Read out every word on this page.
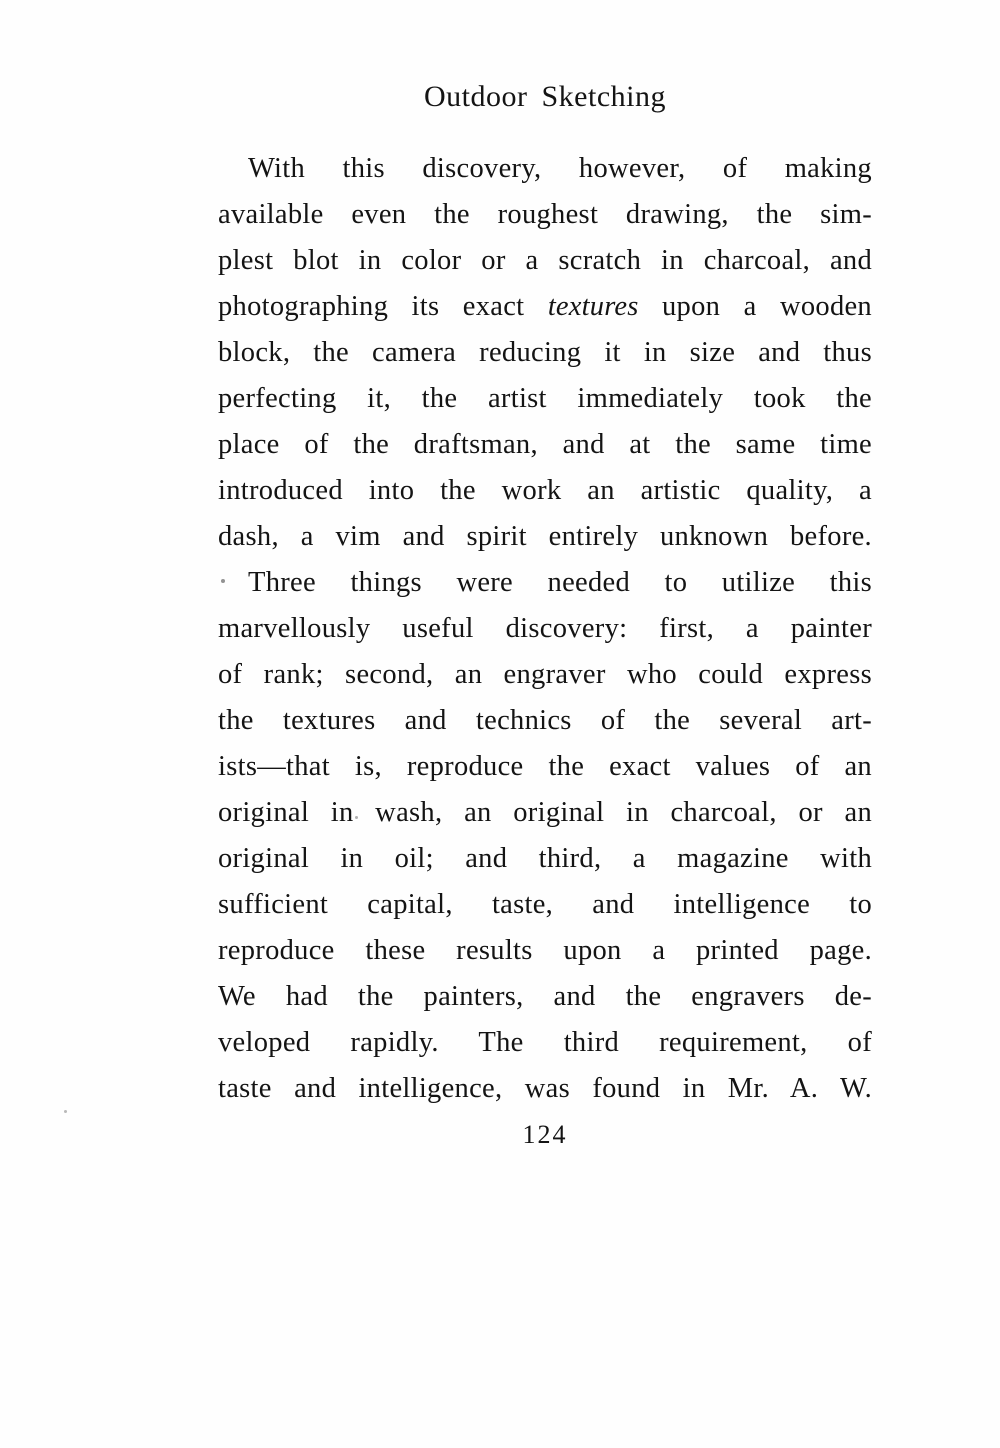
Outdoor Sketching
With this discovery, however, of making
available even the roughest drawing, the sim-
plest blot in color or a scratch in charcoal, and
photographing its exact textures upon a wooden
block, the camera reducing it in size and thus
perfecting it, the artist immediately took the
place of the draftsman, and at the same time
introduced into the work an artistic quality, a
dash, a vim and spirit entirely unknown before.
Three things were needed to utilize this
marvellously useful discovery: first, a painter
of rank; second, an engraver who could express
the textures and technics of the several art-
ists—that is, reproduce the exact values of an
original in wash, an original in charcoal, or an
original in oil; and third, a magazine with
sufficient capital, taste, and intelligence to
reproduce these results upon a printed page.
We had the painters, and the engravers de-
veloped rapidly. The third requirement, of
taste and intelligence, was found in Mr. A. W.
124
